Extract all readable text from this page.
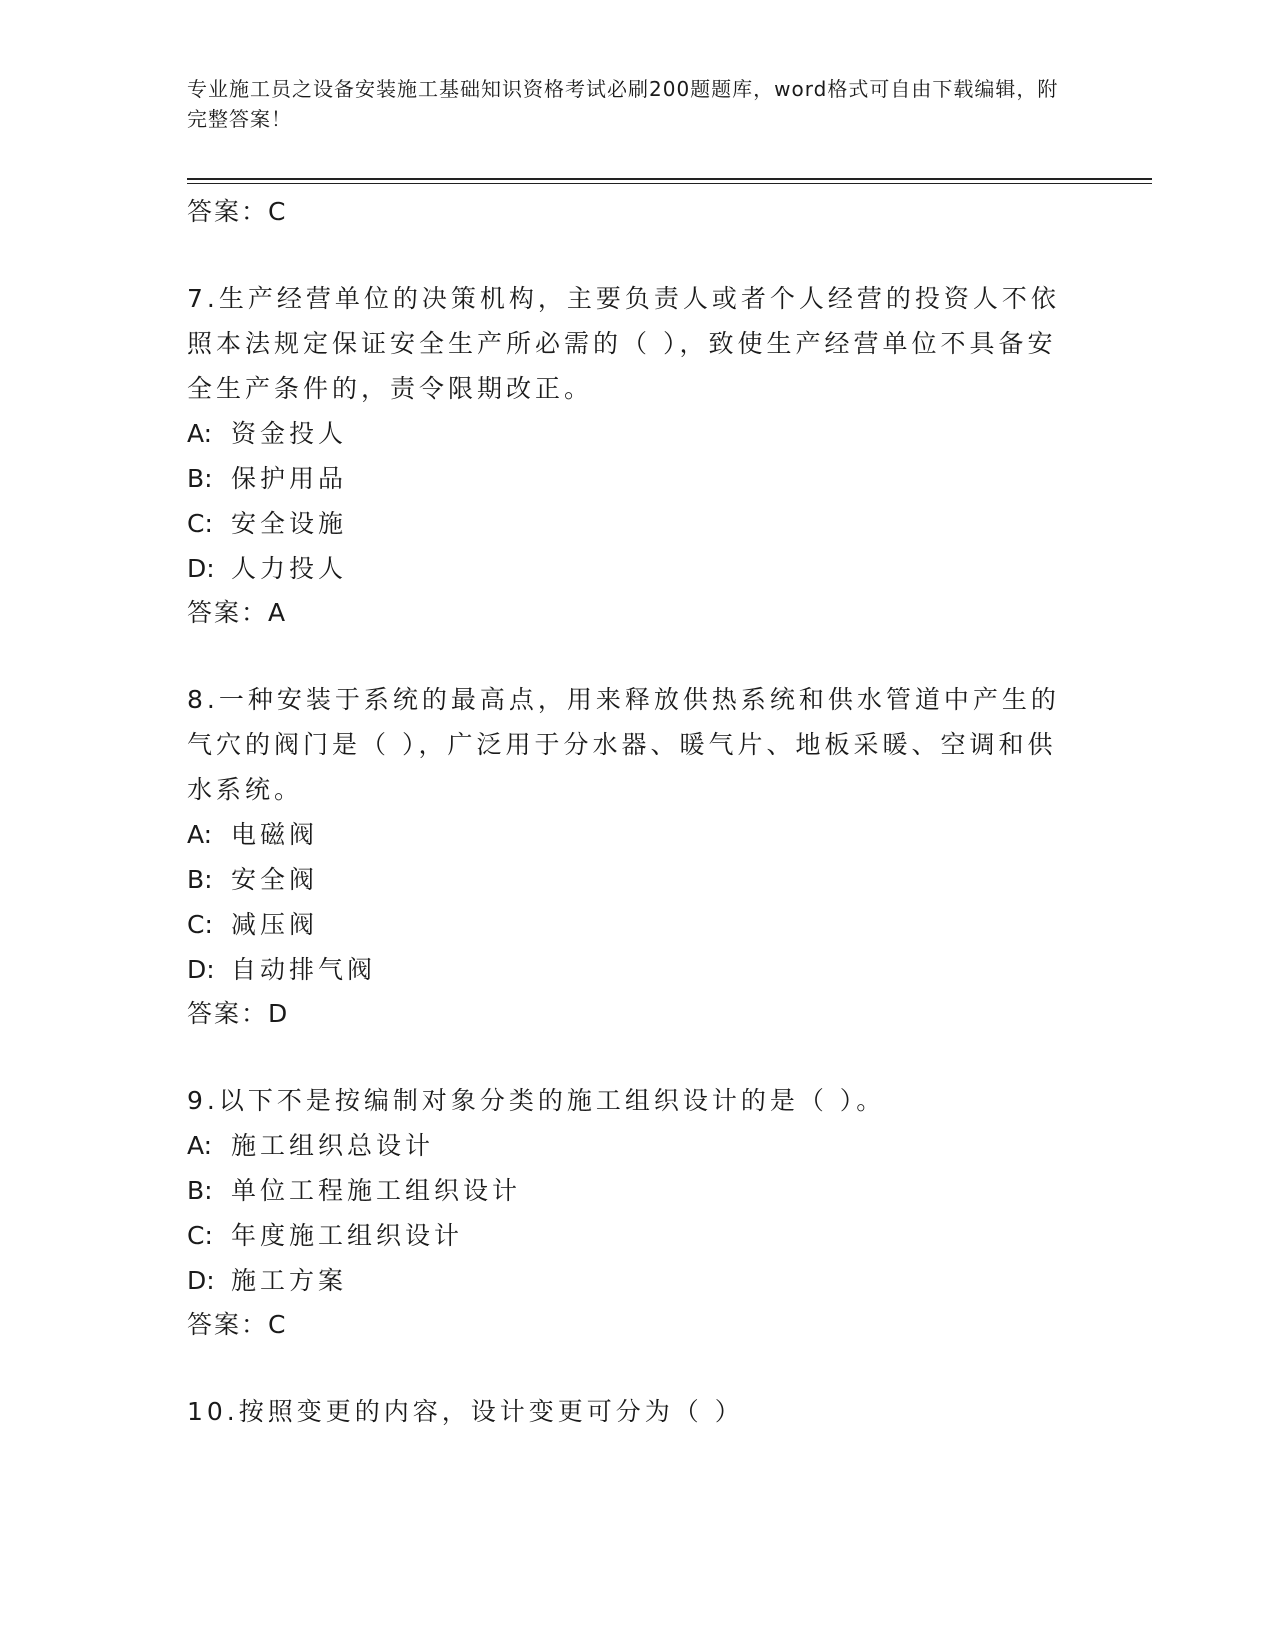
专业施工员之设备安装施工基础知识资格考试必刷200题题库，word格式可自由下载编辑，附完整答案！
答案：C
7.生产经营单位的决策机构，主要负责人或者个人经营的投资人不依照本法规定保证安全生产所必需的（ ），致使生产经营单位不具备安全生产条件的，责令限期改正。
A: 资金投人
B: 保护用品
C: 安全设施
D: 人力投人
答案：A
8.一种安装于系统的最高点，用来释放供热系统和供水管道中产生的气穴的阀门是（ ），广泛用于分水器、暖气片、地板采暖、空调和供水系统。
A: 电磁阀
B: 安全阀
C: 减压阀
D: 自动排气阀
答案：D
9.以下不是按编制对象分类的施工组织设计的是（ ）。
A: 施工组织总设计
B: 单位工程施工组织设计
C: 年度施工组织设计
D: 施工方案
答案：C
10.按照变更的内容，设计变更可分为（ ）
